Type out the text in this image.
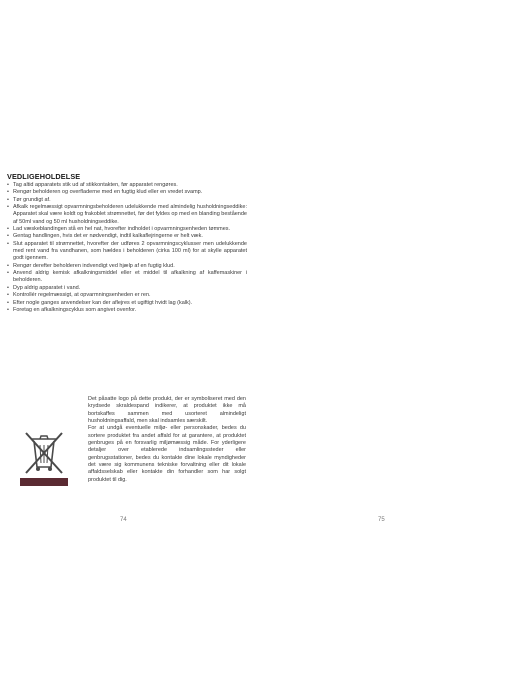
VEDLIGEHOLDELSE
• Tag altid apparatets stik ud af stikkontakten, før apparatet rengøres.
• Rengør beholderen og overfladerne med en fugtig klud eller en vredet svamp.
• Tør grundigt af.
• Afkalk regelmæssigt opvarmningsbeholderen udelukkende med almindelig husholdningseddike: Apparatet skal være koldt og frakoblet strømnettet, før det fyldes op med en blanding bestående af 50ml vand og 50 ml husholdningseddike.
• Lad væskeblandingen stå en hel nat, hvorefter indholdet i opvarmningsenheden tømmes.
• Gentag handlingen, hvis det er nødvendigt, indtil kalkaflejringerne er helt væk.
• Slut apparatet til strømnettet, hvorefter der udføres 2 opvarmningscyklusser men udelukkende med rent vand fra vandhanen, som hældes i beholderen (cirka 100 ml) for at skylle apparatet godt igennem.
• Rengør derefter beholderen indvendigt ved hjælp af en fugtig klud.
• Anvend aldrig kemisk afkalkningsmiddel eller et middel til afkalkning af kaffemaskiner i beholderen.
• Dyp aldrig apparatet i vand.
• Kontrollér regelmæssigt, at opvarmningsenheden er ren.
• Efter nogle ganges anvendelser kan der aflejres et ugiftigt hvidt lag (kalk).
• Foretag en afkalkningscyklus som angivet ovenfor.

Det påsatte logo på dette produkt, der er symboliseret med den krydsede skraldespand indikerer, at produktet ikke må bortskaffes sammen med usorteret almindeligt husholdningsaffald, men skal indsamles særskilt.

For at undgå eventuelle miljø- eller personskader, bedes du sortere produktet fra andet affald for at garantere, at produktet genbruges på en forsvarlig miljømæssig måde. For yderligere detaljer over etablerede indsamlingssteder eller genbrugsstationer, bedes du kontakte dine lokale myndigheder det være sig kommunens tekniske forvaltning eller dit lokale affaldsselskab eller kontakte din forhandler som har solgt produktet til dig.

74	75
